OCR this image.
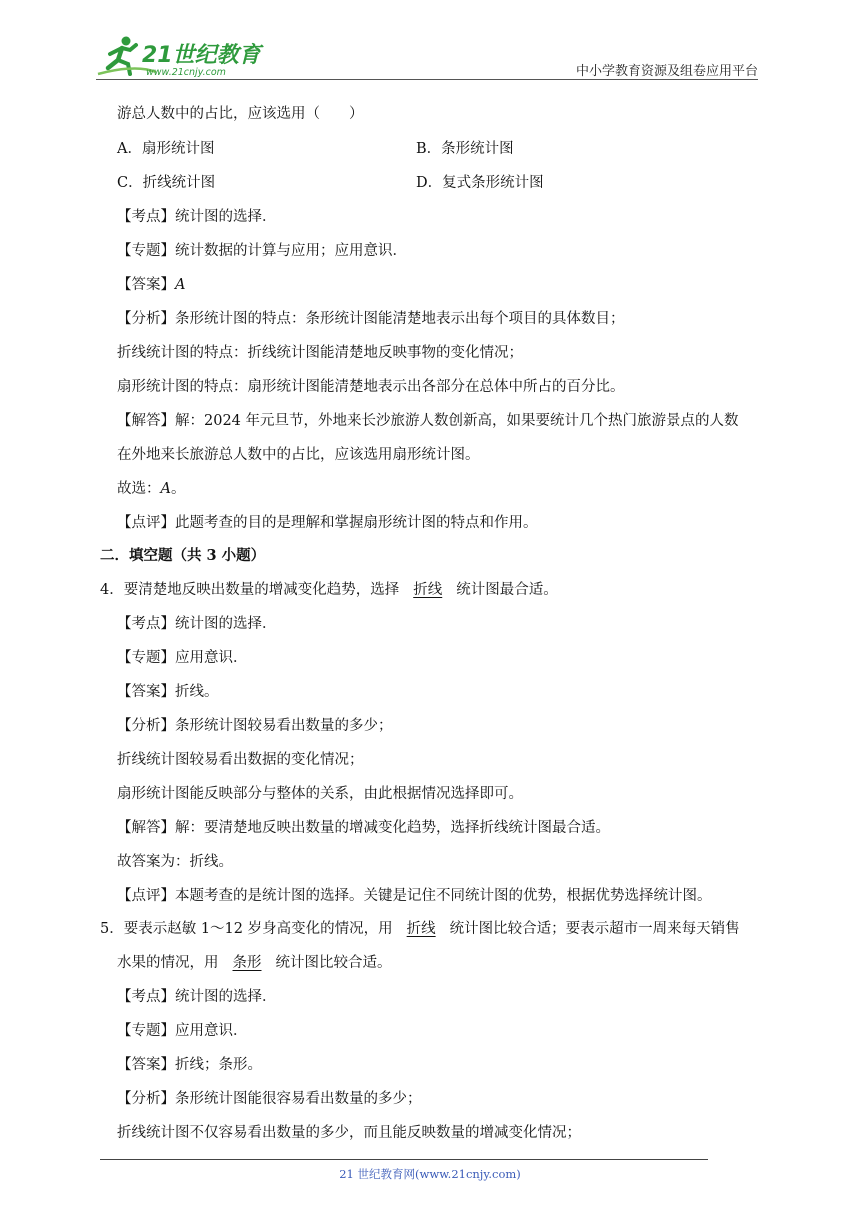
21世纪教育
www.21cnjy.com	中小学教育资源及组卷应用平台
游总人数中的占比，应该选用（　　）
A．扇形统计图	B．条形统计图
C．折线统计图	D．复式条形统计图
【考点】统计图的选择．
【专题】统计数据的计算与应用；应用意识．
【答案】A
【分析】条形统计图的特点：条形统计图能清楚地表示出每个项目的具体数目；
折线统计图的特点：折线统计图能清楚地反映事物的变化情况；
扇形统计图的特点：扇形统计图能清楚地表示出各部分在总体中所占的百分比。
【解答】解：2024 年元旦节，外地来长沙旅游人数创新高，如果要统计几个热门旅游景点的人数
在外地来长旅游总人数中的占比，应该选用扇形统计图。
故选：A。
【点评】此题考查的目的是理解和掌握扇形统计图的特点和作用。
二．填空题（共 3 小题）
4．要清楚地反映出数量的增减变化趋势，选择 折线 统计图最合适。
【考点】统计图的选择．
【专题】应用意识．
【答案】折线。
【分析】条形统计图较易看出数量的多少；
折线统计图较易看出数据的变化情况；
扇形统计图能反映部分与整体的关系，由此根据情况选择即可。
【解答】解：要清楚地反映出数量的增减变化趋势，选择折线统计图最合适。
故答案为：折线。
【点评】本题考查的是统计图的选择。关键是记住不同统计图的优势，根据优势选择统计图。
5．要表示赵敏 1～12 岁身高变化的情况，用 折线 统计图比较合适；要表示超市一周来每天销售
水果的情况，用 条形 统计图比较合适。
【考点】统计图的选择．
【专题】应用意识．
【答案】折线；条形。
【分析】条形统计图能很容易看出数量的多少；
折线统计图不仅容易看出数量的多少，而且能反映数量的增减变化情况；
21 世纪教育网(www.21cnjy.com)
